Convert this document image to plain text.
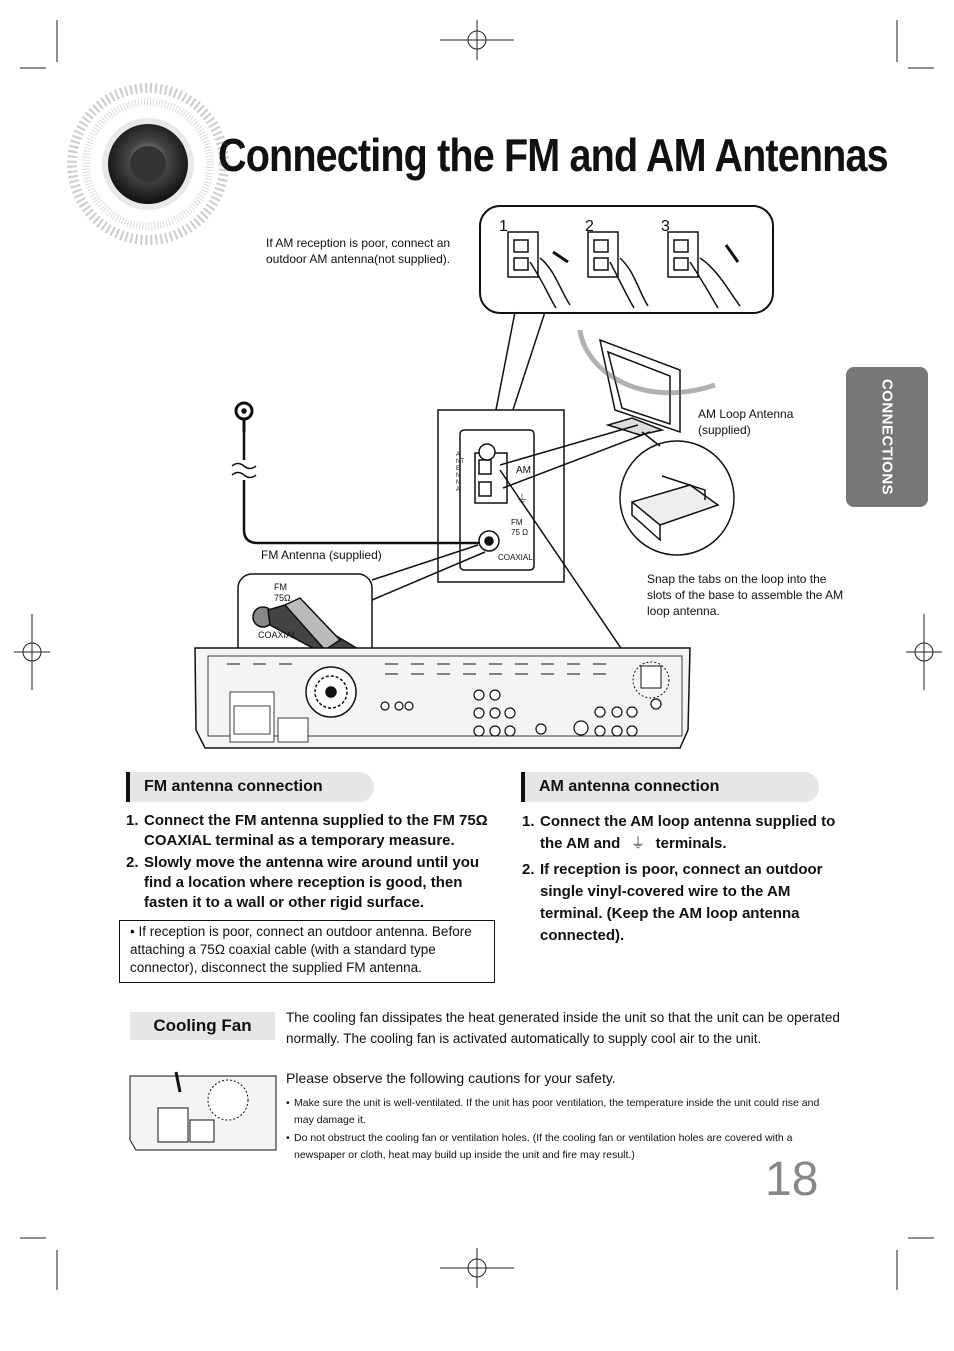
Connecting the FM and AM Antennas
CONNECTIONS
1	2	3
If AM reception is poor, connect an outdoor AM antenna(not supplied).
AM Loop Antenna (supplied)
FM Antenna (supplied)
Snap the tabs on the loop into the slots of the base to assemble the AM loop antenna.
ANTENNA
AM
⏚
FM
75 Ω
COAXIAL
FM
75Ω
COAXIAL
FM antenna connection
1. Connect the FM antenna supplied to the FM 75Ω COAXIAL terminal as a temporary measure.
2. Slowly move the antenna wire around until you find a location where reception is good, then fasten it to a wall or other rigid surface.
• If reception is poor, connect an outdoor antenna. Before attaching a 75Ω coaxial cable (with a standard type connector), disconnect the supplied FM antenna.
AM antenna connection
1. Connect the AM loop antenna supplied to the AM and ⏚ terminals.
2. If reception is poor, connect an outdoor single vinyl-covered wire to the AM terminal. (Keep the AM loop antenna connected).
Cooling Fan	The cooling fan dissipates the heat generated inside the unit so that the unit can be operated normally. The cooling fan is activated automatically to supply cool air to the unit.
Please observe the following cautions for your safety.
• Make sure the unit is well-ventilated. If the unit has poor ventilation, the temperature inside the unit could rise and may damage it.
• Do not obstruct the cooling fan or ventilation holes. (If the cooling fan or ventilation holes are covered with a newspaper or cloth, heat may build up inside the unit and fire may result.)	18
